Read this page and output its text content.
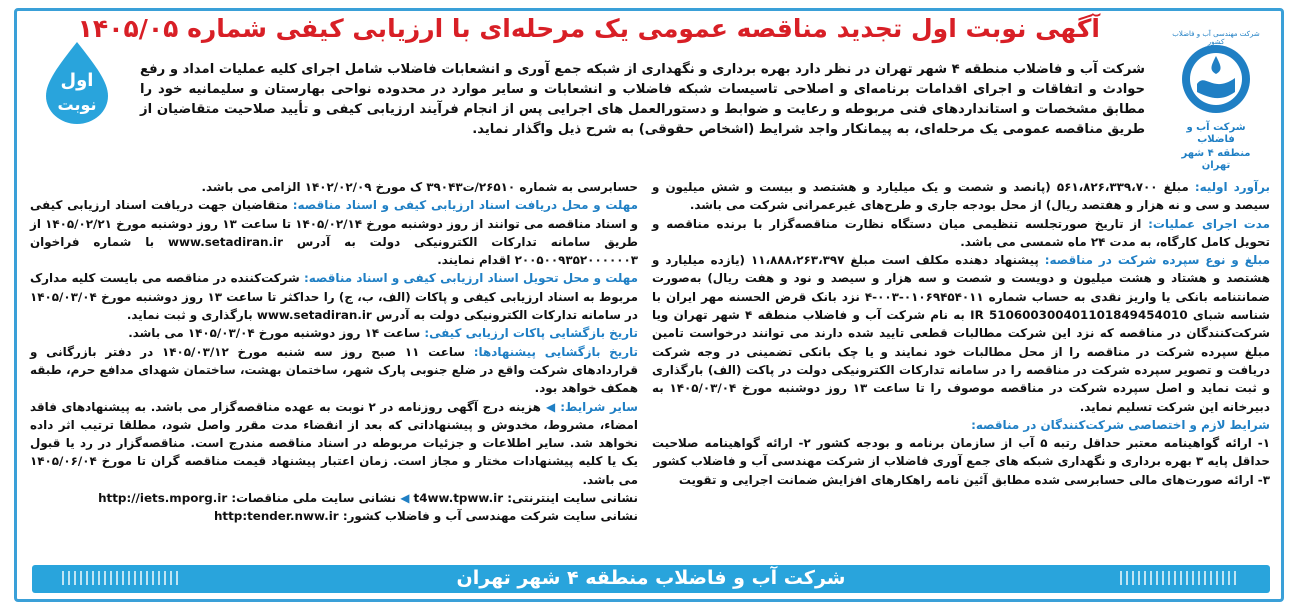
آگهی نوبت اول تجدید مناقصه عمومی یک مرحله‌ای با ارزیابی کیفی شماره ۱۴۰۵/۰۵	شرکت مهندسی آب و فاضلاب کشور
شرکت آب و فاضلاب
منطقه ۴ شهر تهران
اول
نوبت
شرکت آب و فاضلاب منطقه ۴ شهر تهران در نظر دارد بهره برداری و نگهداری از شبکه جمع آوری و انشعابات فاضلاب شامل اجرای کلیه عملیات امداد و رفع حوادث و اتفاقات و اجرای اقدامات برنامه‌ای و اصلاحی تاسیسات شبکه فاضلاب و انشعابات و سایر موارد در محدوده نواحی بهارستان و سلیمانیه خود را مطابق مشخصات و استانداردهای فنی مربوطه و رعایت و ضوابط و دستورالعمل های اجرایی پس از انجام فرآیند ارزیابی کیفی و تأیید صلاحیت متقاضیان از طریق مناقصه عمومی یک مرحله‌ای، به پیمانکار واجد شرایط (اشخاص حقوقی) به شرح ذیل واگذار نماید.
برآورد اولیه: مبلغ ۵۶۱،۸۲۶،۳۳۹،۷۰۰ (پانصد و شصت و یک میلیارد و هشتصد و بیست و شش میلیون و سیصد و سی و نه هزار و هفتصد ریال) از محل بودجه جاری و طرح‌های غیرعمرانی شرکت می باشد.
مدت اجرای عملیات: از تاریخ صورتجلسه تنظیمی میان دستگاه نظارت مناقصه‌گزار با برنده مناقصه و تحویل کامل کارگاه، به مدت ۲۴ ماه شمسی می باشد.
مبلغ و نوع سپرده شرکت در مناقصه: پیشنهاد دهنده مکلف است مبلغ ۱۱،۸۸۸،۲۶۳،۳۹۷ (یازده میلیارد و هشتصد و هشتاد و هشت میلیون و دویست و شصت و سه هزار و سیصد و نود و هفت ریال) به‌صورت ضمانتنامه بانکی یا واریز نقدی به حساب شماره ۰۱۰۶۹۴۵۴۰۱۱-۰۰۳-۴ نزد بانک قرض الحسنه مهر ایران با شناسه شبای IR 510600300401101849454010 به نام شرکت آب و فاضلاب منطقه ۴ شهر تهران ویا شرکت‌کنندگان در مناقصه که نزد این شرکت مطالبات قطعی تایید شده دارند می توانند درخواست تامین مبلغ سپرده شرکت در مناقصه را از محل مطالبات خود نمایند و یا چک بانکی تضمینی در وجه شرکت دریافت و تصویر سپرده شرکت در مناقصه را در سامانه تدارکات الکترونیکی دولت در پاکت (الف) بارگذاری و ثبت نماید و اصل سپرده شرکت در مناقصه موصوف را تا ساعت ۱۳ روز دوشنبه مورخ ۱۴۰۵/۰۳/۰۴ به دبیرخانه این شرکت تسلیم نماید.
شرایط لازم و اختصاصی شرکت‌کنندگان در مناقصه:
۱- ارائه گواهینامه معتبر حداقل رتبه ۵ آب از سازمان برنامه و بودجه کشور ۲- ارائه گواهینامه صلاحیت حداقل پایه ۳ بهره برداری و نگهداری شبکه های جمع آوری فاضلاب از شرکت مهندسی آب و فاضلاب کشور
۳- ارائه صورت‌های مالی حسابرسی شده مطابق آئین نامه راهکارهای افزایش ضمانت اجرایی و تقویت
حسابرسی به شماره ۲۶۵۱۰/ت۳۹۰۴۳ ک مورخ ۱۴۰۲/۰۲/۰۹ الزامی می باشد.
مهلت و محل دریافت اسناد ارزیابی کیفی و اسناد مناقصه: متقاضیان جهت دریافت اسناد ارزیابی کیفی و اسناد مناقصه می توانند از روز دوشنبه مورخ ۱۴۰۵/۰۲/۱۴ تا ساعت ۱۳ روز دوشنبه مورخ ۱۴۰۵/۰۲/۲۱ از طریق سامانه تدارکات الکترونیکی دولت به آدرس www.setadiran.ir با شماره فراخوان ۲۰۰۵۰۰۹۳۵۲۰۰۰۰۰۰۳ اقدام نمایند.
مهلت و محل تحویل اسناد ارزیابی کیفی و اسناد مناقصه: شرکت‌کننده در مناقصه می بایست کلیه مدارک مربوط به اسناد ارزیابی کیفی و پاکات (الف، ب، ج) را حداکثر تا ساعت ۱۳ روز دوشنبه مورخ ۱۴۰۵/۰۳/۰۴ در سامانه تدارکات الکترونیکی دولت به آدرس www.setadiran.ir بارگذاری و ثبت نماید.
تاریخ بازگشایی پاکات ارزیابی کیفی: ساعت ۱۴ روز دوشنبه مورخ ۱۴۰۵/۰۳/۰۴ می باشد.
تاریخ بازگشایی پیشنهادها: ساعت ۱۱ صبح روز سه شنبه مورخ ۱۴۰۵/۰۳/۱۲ در دفتر بازرگانی و قراردادهای شرکت واقع در ضلع جنوبی پارک شهر، ساختمان بهشت، ساختمان شهدای مدافع حرم، طبقه همکف خواهد بود.
سایر شرایط: ◀ هزینه درج آگهی روزنامه در ۲ نوبت به عهده مناقصه‌گزار می باشد. به پیشنهادهای فاقد امضاء، مشروط، مخدوش و پیشنهاداتی که بعد از انقضاء مدت مقرر واصل شود، مطلقا ترتیب اثر داده نخواهد شد. سایر اطلاعات و جزئیات مربوطه در اسناد مناقصه مندرج است. مناقصه‌گزار در رد یا قبول یک یا کلیه پیشنهادات مختار و مجاز است. زمان اعتبار پیشنهاد قیمت مناقصه گران تا مورخ ۱۴۰۵/۰۶/۰۴ می باشد.
نشانی سایت اینترنتی: t4ww.tpww.ir ◀ نشانی سایت ملی مناقصات: http://iets.mporg.ir
نشانی سایت شرکت مهندسی آب و فاضلاب کشور: http:tender.nww.ir
شرکت آب و فاضلاب منطقه ۴ شهر تهران
